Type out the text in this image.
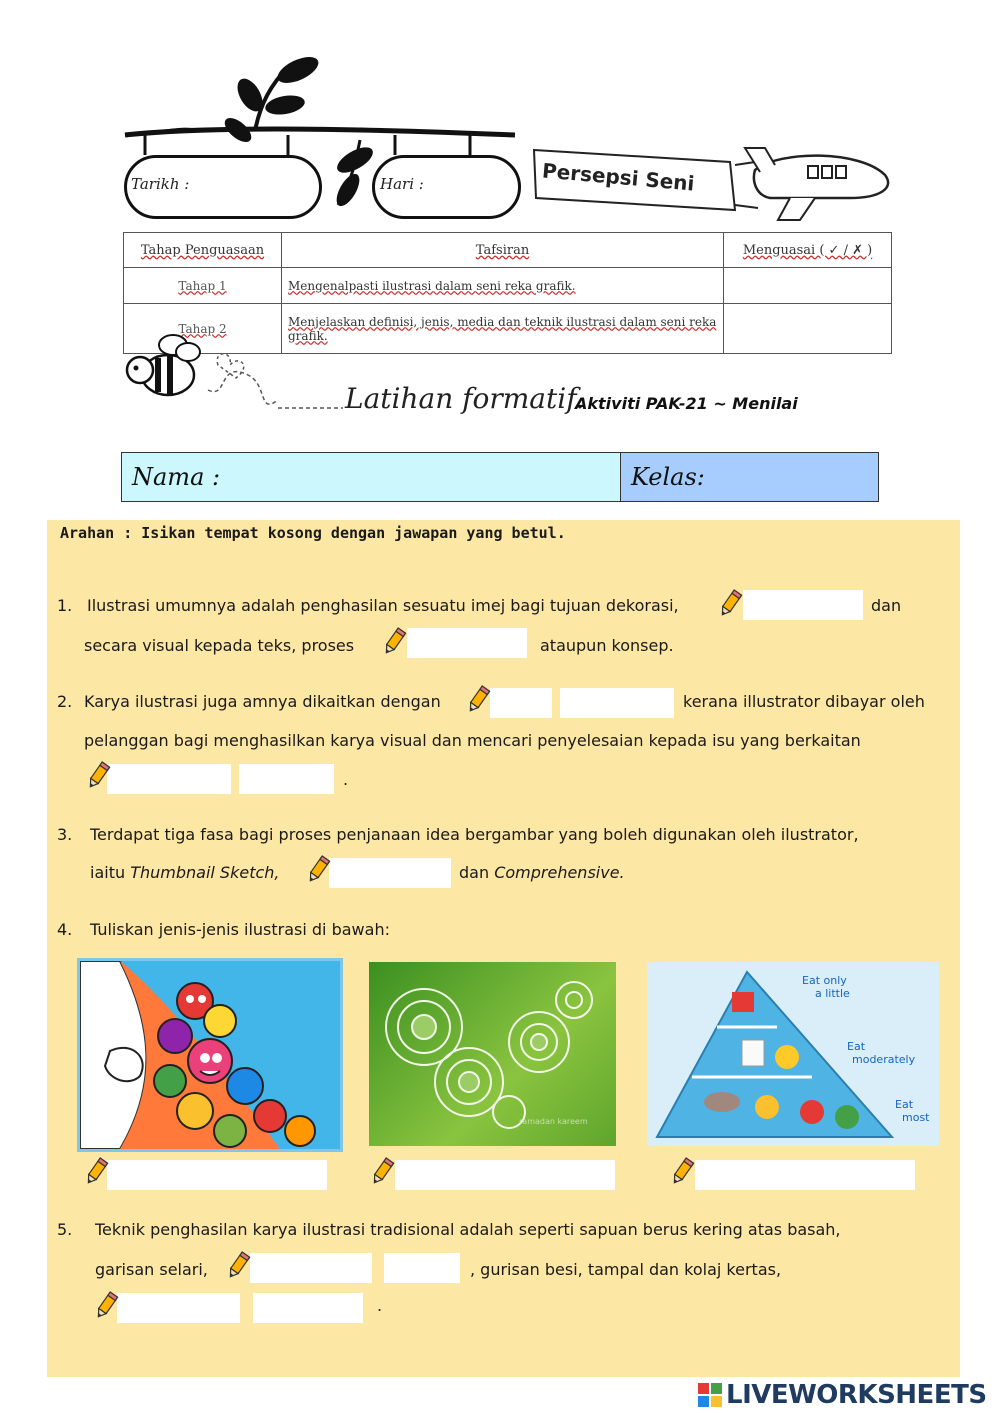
Tarikh :	Hari :	Persepsi Seni
Tahap Penguasaan	Tafsiran	Menguasai ( ✓ / ✗ )
Tahap 1	Mengenalpasti ilustrasi dalam seni reka grafik.	
Tahap 2	Menjelaskan definisi, jenis, media dan teknik ilustrasi dalam seni reka grafik.	
Latihan formatif.
Aktiviti PAK-21 ~ Menilai
Nama :	Kelas:
Arahan : Isikan tempat kosong dengan jawapan yang betul.
1. Ilustrasi umumnya adalah penghasilan sesuatu imej bagi tujuan dekorasi,	dan
secara visual kepada teks, proses	ataupun konsep.
2. Karya ilustrasi juga amnya dikaitkan dengan	kerana illustrator dibayar oleh
pelanggan bagi menghasilkan karya visual dan mencari penyelesaian kepada isu yang berkaitan
.
3. Terdapat tiga fasa bagi proses penjanaan idea bergambar yang boleh digunakan oleh ilustrator,
iaitu Thumbnail Sketch,	dan Comprehensive.
4. Tuliskan jenis-jenis ilustrasi di bawah:
ramadan kareem
Eat only
a little
Eat
moderately
Eat
most
5. Teknik penghasilan karya ilustrasi tradisional adalah seperti sapuan berus kering atas basah,
garisan selari,	, gurisan besi, tampal dan kolaj kertas,
.
LIVEWORKSHEETS
